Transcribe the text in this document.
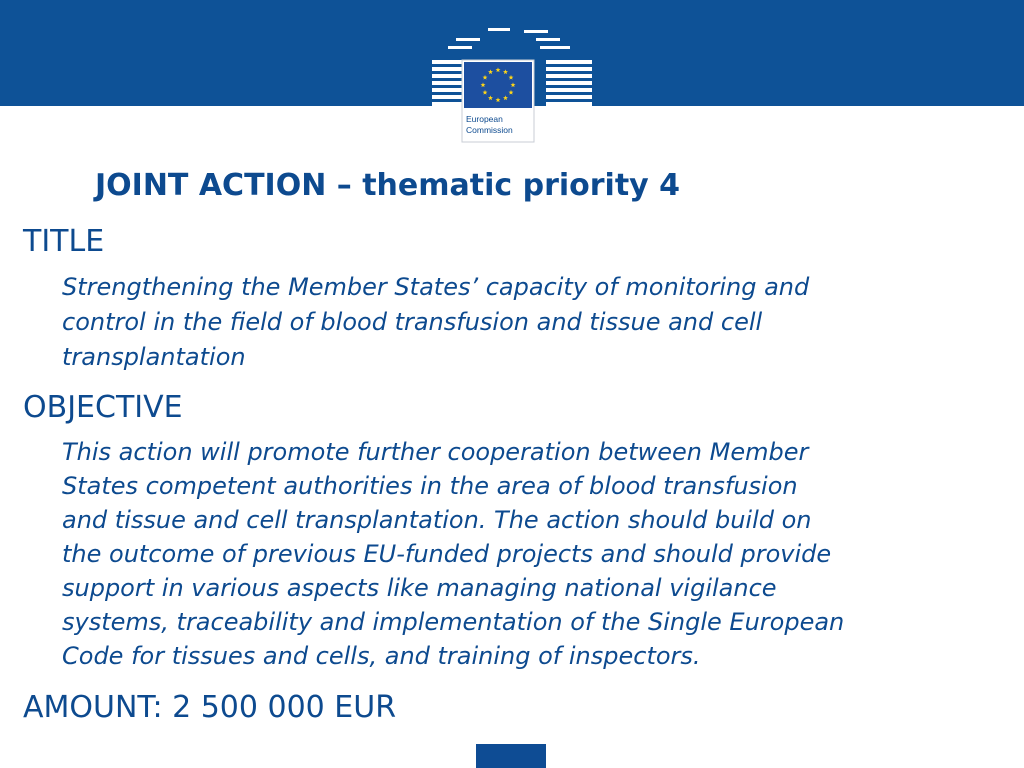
European
Commission
JOINT ACTION – thematic priority 4
TITLE
Strengthening the Member States’ capacity of monitoring and
control in the field of blood transfusion and tissue and cell
transplantation
OBJECTIVE
This action will promote further cooperation between Member
States competent authorities in the area of blood transfusion
and tissue and cell transplantation. The action should build on
the outcome of previous EU-funded projects and should provide
support in various aspects like managing national vigilance
systems, traceability and implementation of the Single European
Code for tissues and cells, and training of inspectors.
AMOUNT: 2 500 000 EUR
